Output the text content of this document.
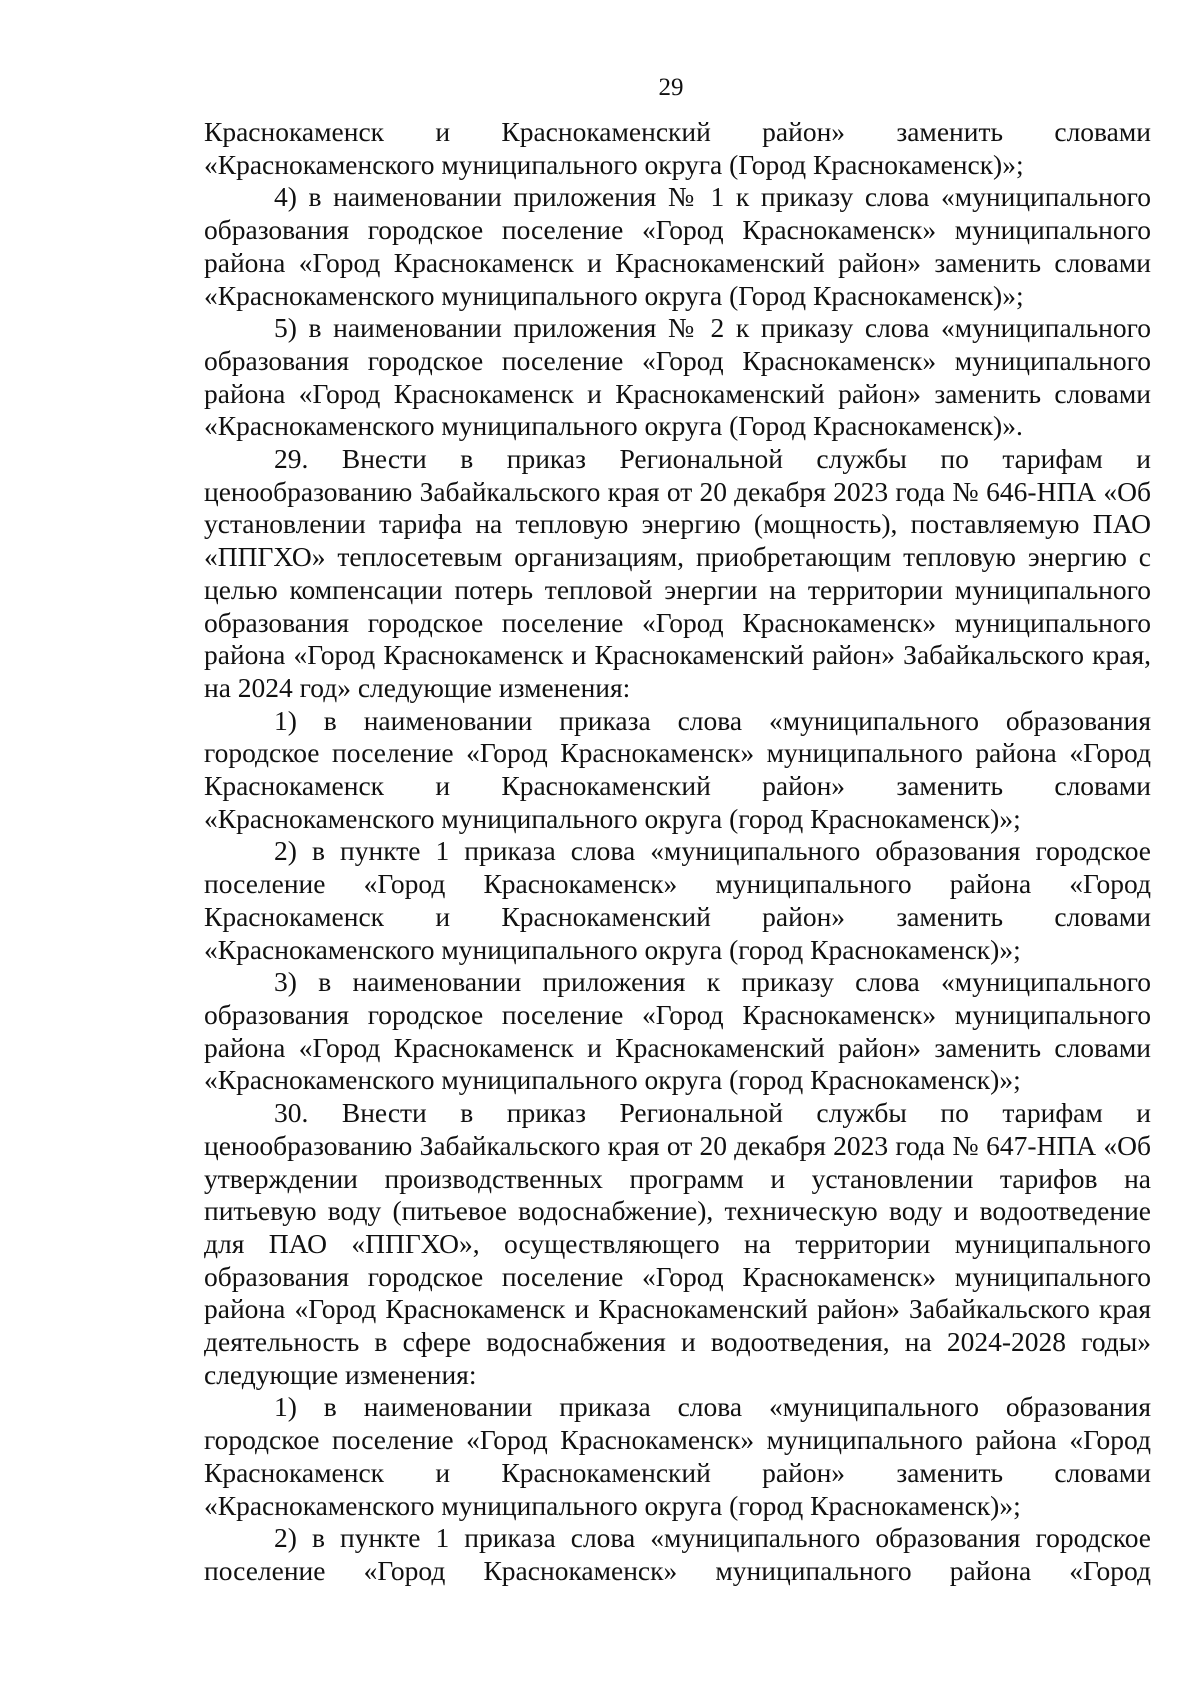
29

Краснокаменск и Краснокаменский район» заменить словами «Краснокаменского муниципального округа (Город Краснокаменск)»;

4) в наименовании приложения № 1 к приказу слова «муниципального образования городское поселение «Город Краснокаменск» муниципального района «Город Краснокаменск и Краснокаменский район» заменить словами «Краснокаменского муниципального округа (Город Краснокаменск)»;

5) в наименовании приложения № 2 к приказу слова «муниципального образования городское поселение «Город Краснокаменск» муниципального района «Город Краснокаменск и Краснокаменский район» заменить словами «Краснокаменского муниципального округа (Город Краснокаменск)».

29. Внести в приказ Региональной службы по тарифам и ценообразованию Забайкальского края от 20 декабря 2023 года № 646-НПА «Об установлении тарифа на тепловую энергию (мощность), поставляемую ПАО «ППГХО» теплосетевым организациям, приобретающим тепловую энергию с целью компенсации потерь тепловой энергии на территории муниципального образования городское поселение «Город Краснокаменск» муниципального района «Город Краснокаменск и Краснокаменский район» Забайкальского края, на 2024 год» следующие изменения:

1) в наименовании приказа слова «муниципального образования городское поселение «Город Краснокаменск» муниципального района «Город Краснокаменск и Краснокаменский район» заменить словами «Краснокаменского муниципального округа (город Краснокаменск)»;

2) в пункте 1 приказа слова «муниципального образования городское поселение «Город Краснокаменск» муниципального района «Город Краснокаменск и Краснокаменский район» заменить словами «Краснокаменского муниципального округа (город Краснокаменск)»;

3) в наименовании приложения к приказу слова «муниципального образования городское поселение «Город Краснокаменск» муниципального района «Город Краснокаменск и Краснокаменский район» заменить словами «Краснокаменского муниципального округа (город Краснокаменск)»;

30. Внести в приказ Региональной службы по тарифам и ценообразованию Забайкальского края от 20 декабря 2023 года № 647-НПА «Об утверждении производственных программ и установлении тарифов на питьевую воду (питьевое водоснабжение), техническую воду и водоотведение для ПАО «ППГХО», осуществляющего на территории муниципального образования городское поселение «Город Краснокаменск» муниципального района «Город Краснокаменск и Краснокаменский район» Забайкальского края деятельность в сфере водоснабжения и водоотведения, на 2024-2028 годы» следующие изменения:

1) в наименовании приказа слова «муниципального образования городское поселение «Город Краснокаменск» муниципального района «Город Краснокаменск и Краснокаменский район» заменить словами «Краснокаменского муниципального округа (город Краснокаменск)»;

2) в пункте 1 приказа слова «муниципального образования городское поселение «Город Краснокаменск» муниципального района «Город
